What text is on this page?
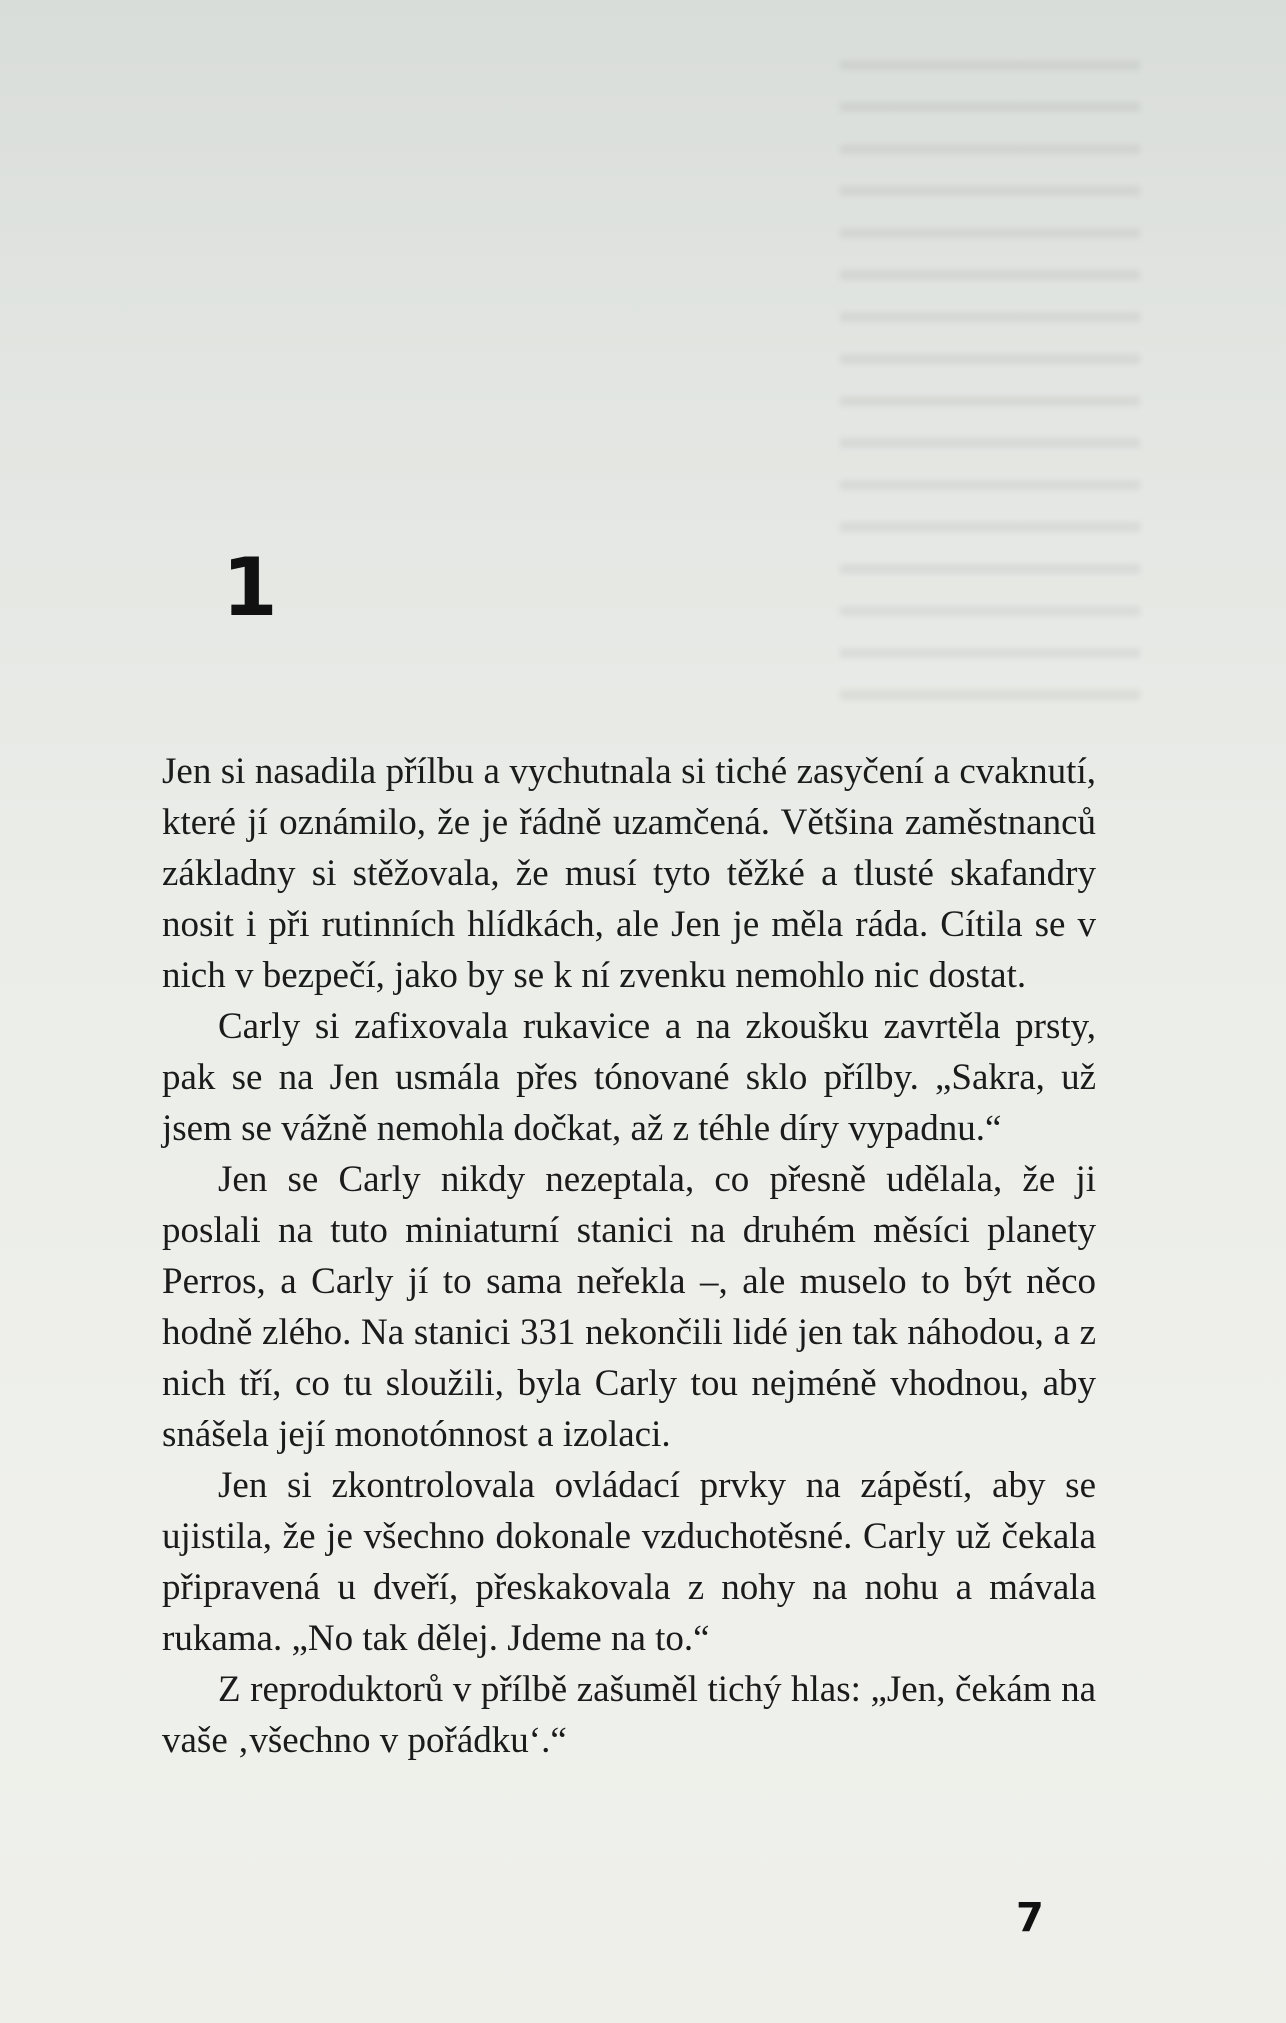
1

Jen si nasadila přílbu a vychutnala si tiché zasyčení a cvaknutí, které jí oznámilo, že je řádně uzamčená. Většina zaměstnanců základny si stěžovala, že musí tyto těžké a tlusté skafandry nosit i při rutinních hlídkách, ale Jen je měla ráda. Cítila se v nich v bezpečí, jako by se k ní zvenku nemohlo nic dostat.

Carly si zafixovala rukavice a na zkoušku zavrtěla prsty, pak se na Jen usmála přes tónované sklo přílby. „Sakra, už jsem se vážně nemohla dočkat, až z téhle díry vypadnu.“

Jen se Carly nikdy nezeptala, co přesně udělala, že ji poslali na tuto miniaturní stanici na druhém měsíci planety Perros, a Carly jí to sama neřekla –, ale muselo to být něco hodně zlého. Na stanici 331 nekončili lidé jen tak náhodou, a z nich tří, co tu sloužili, byla Carly tou nejméně vhodnou, aby snášela její monotónnost a izolaci.

Jen si zkontrolovala ovládací prvky na zápěstí, aby se ujistila, že je všechno dokonale vzduchotěsné. Carly už čekala připravená u dveří, přeskakovala z nohy na nohu a mávala rukama. „No tak dělej. Jdeme na to.“

Z reproduktorů v přílbě zašuměl tichý hlas: „Jen, čekám na vaše ‚všechno v pořádku‘.“

7
